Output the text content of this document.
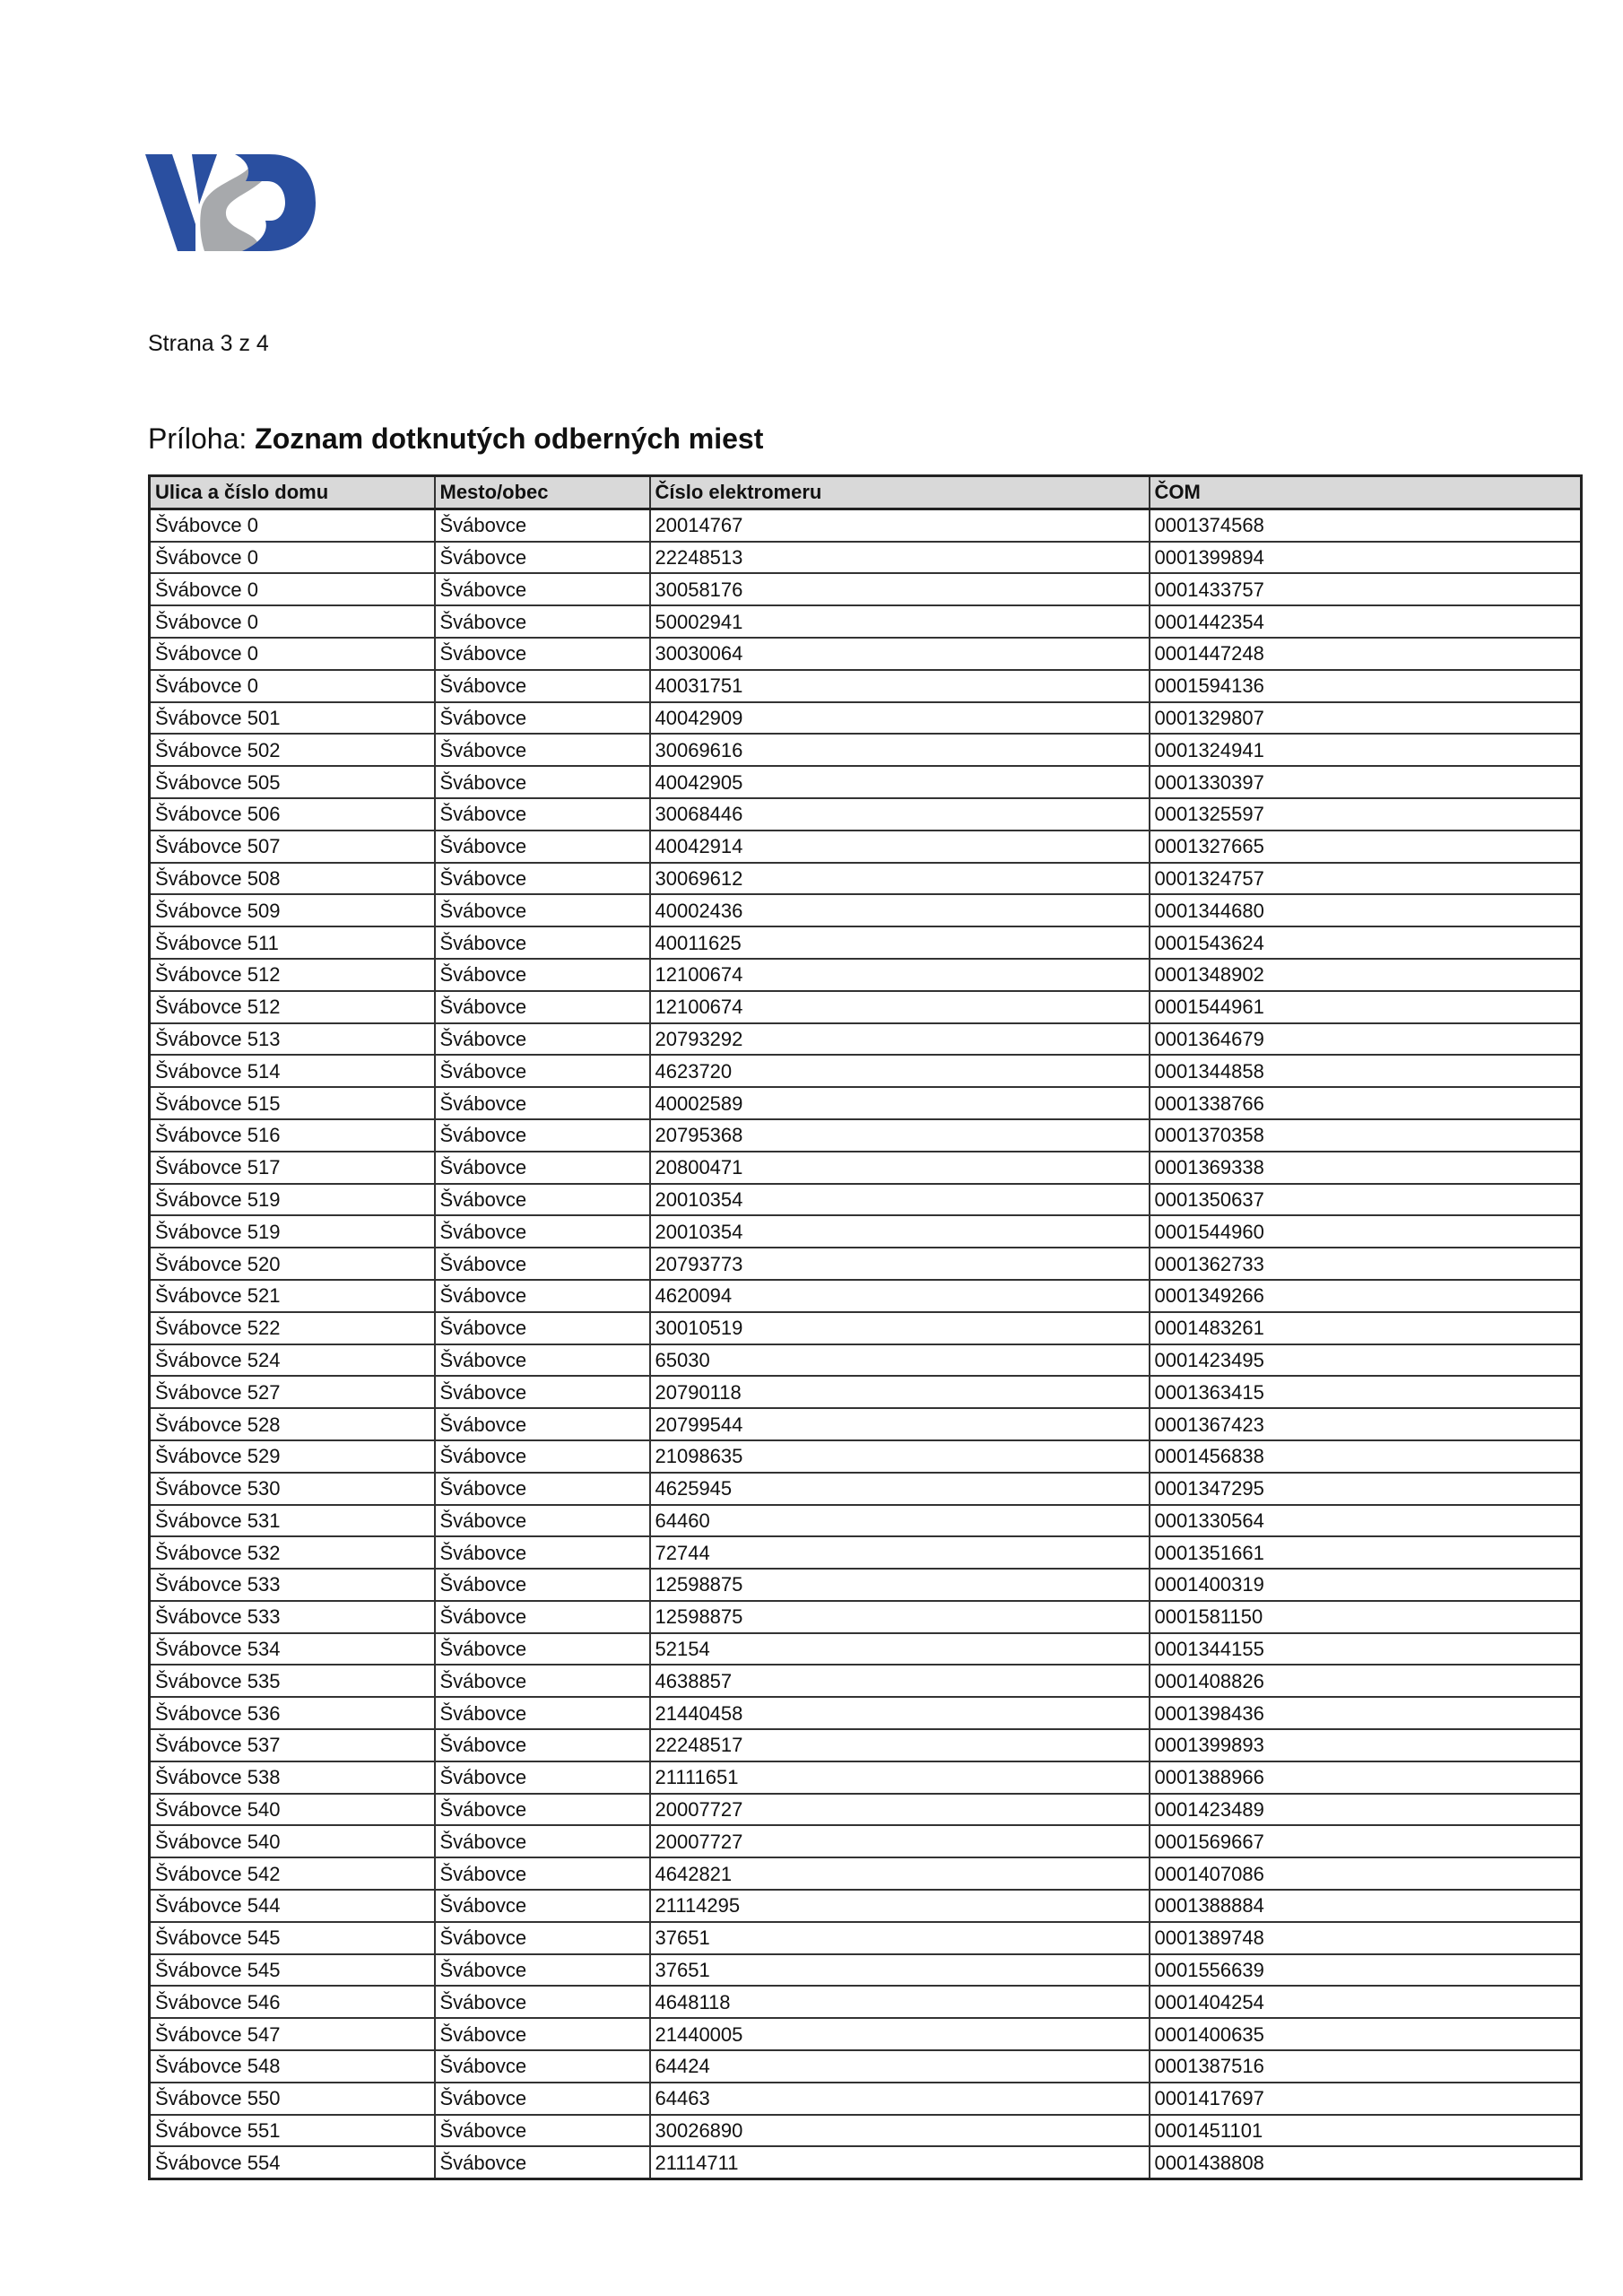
Strana 3 z 4
Príloha: Zoznam dotknutých odberných miest
Ulica a číslo domu	Mesto/obec	Číslo elektromeru	ČOM
Švábovce 0	Švábovce	20014767	0001374568
Švábovce 0	Švábovce	22248513	0001399894
Švábovce 0	Švábovce	30058176	0001433757
Švábovce 0	Švábovce	50002941	0001442354
Švábovce 0	Švábovce	30030064	0001447248
Švábovce 0	Švábovce	40031751	0001594136
Švábovce 501	Švábovce	40042909	0001329807
Švábovce 502	Švábovce	30069616	0001324941
Švábovce 505	Švábovce	40042905	0001330397
Švábovce 506	Švábovce	30068446	0001325597
Švábovce 507	Švábovce	40042914	0001327665
Švábovce 508	Švábovce	30069612	0001324757
Švábovce 509	Švábovce	40002436	0001344680
Švábovce 511	Švábovce	40011625	0001543624
Švábovce 512	Švábovce	12100674	0001348902
Švábovce 512	Švábovce	12100674	0001544961
Švábovce 513	Švábovce	20793292	0001364679
Švábovce 514	Švábovce	4623720	0001344858
Švábovce 515	Švábovce	40002589	0001338766
Švábovce 516	Švábovce	20795368	0001370358
Švábovce 517	Švábovce	20800471	0001369338
Švábovce 519	Švábovce	20010354	0001350637
Švábovce 519	Švábovce	20010354	0001544960
Švábovce 520	Švábovce	20793773	0001362733
Švábovce 521	Švábovce	4620094	0001349266
Švábovce 522	Švábovce	30010519	0001483261
Švábovce 524	Švábovce	65030	0001423495
Švábovce 527	Švábovce	20790118	0001363415
Švábovce 528	Švábovce	20799544	0001367423
Švábovce 529	Švábovce	21098635	0001456838
Švábovce 530	Švábovce	4625945	0001347295
Švábovce 531	Švábovce	64460	0001330564
Švábovce 532	Švábovce	72744	0001351661
Švábovce 533	Švábovce	12598875	0001400319
Švábovce 533	Švábovce	12598875	0001581150
Švábovce 534	Švábovce	52154	0001344155
Švábovce 535	Švábovce	4638857	0001408826
Švábovce 536	Švábovce	21440458	0001398436
Švábovce 537	Švábovce	22248517	0001399893
Švábovce 538	Švábovce	21111651	0001388966
Švábovce 540	Švábovce	20007727	0001423489
Švábovce 540	Švábovce	20007727	0001569667
Švábovce 542	Švábovce	4642821	0001407086
Švábovce 544	Švábovce	21114295	0001388884
Švábovce 545	Švábovce	37651	0001389748
Švábovce 545	Švábovce	37651	0001556639
Švábovce 546	Švábovce	4648118	0001404254
Švábovce 547	Švábovce	21440005	0001400635
Švábovce 548	Švábovce	64424	0001387516
Švábovce 550	Švábovce	64463	0001417697
Švábovce 551	Švábovce	30026890	0001451101
Švábovce 554	Švábovce	21114711	0001438808
